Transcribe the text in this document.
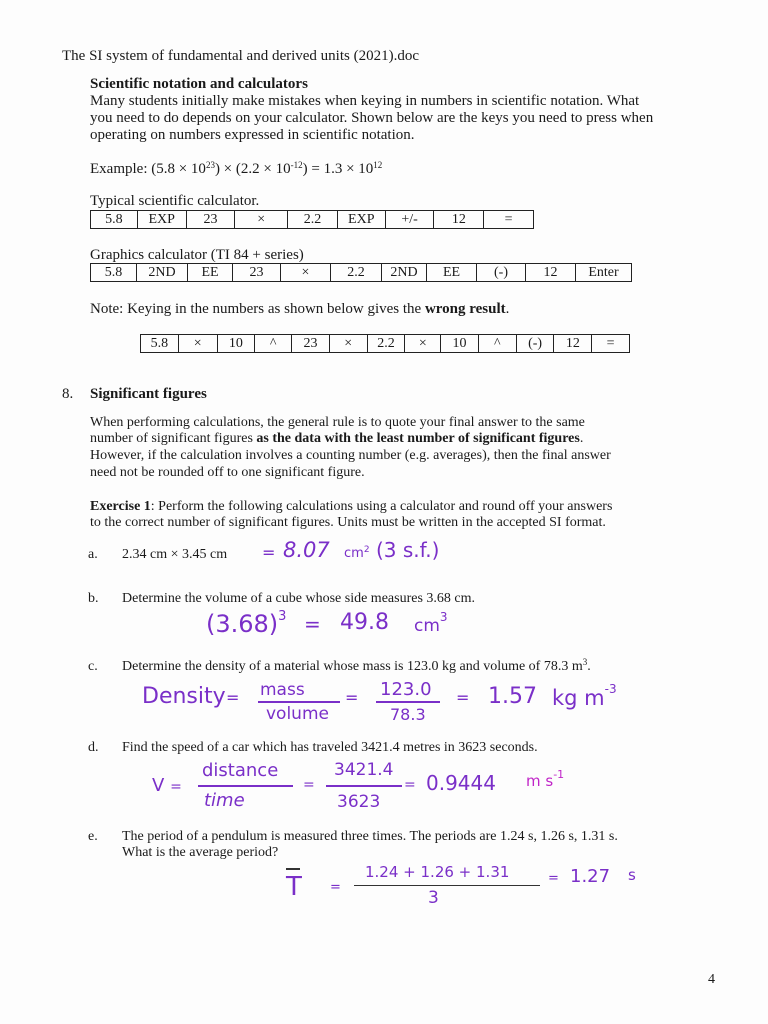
The SI system of fundamental and derived units (2021).doc
Scientific notation and calculators
Many students initially make mistakes when keying in numbers in scientific notation. What
you need to do depends on your calculator. Shown below are the keys you need to press when
operating on numbers expressed in scientific notation.
Example: $(5.8 \times 10^{23}) \times (2.2 \times 10^{-12}) = 1.3 \times 10^{12}$
Typical scientific calculator.
5.8	EXP	23	×	2.2	EXP	+/-	12	=
Graphics calculator (TI 84 + series)
5.8	2ND	EE	23	×	2.2	2ND	EE	(-)	12	Enter
Note: Keying in the numbers as shown below gives the wrong result.
5.8	×	10	^	23	×	2.2	×	10	^	(-)	12	=
8. Significant figures
When performing calculations, the general rule is to quote your final answer to the same
number of significant figures as the data with the least number of significant figures.
However, if the calculation involves a counting number (e.g. averages), then the final answer
need not be rounded off to one significant figure.
Exercise 1: Perform the following calculations using a calculator and round off your answers
to the correct number of significant figures. Units must be written in the accepted SI format.
a. 2.34 cm × 3.45 cm = 8.07 $cm^2$ (3 s.f.)
b. Determine the volume of a cube whose side measures 3.68 cm.
$(3.68)^3 = 49.8$ $cm^3$
c. Determine the density of a material whose mass is 123.0 kg and volume of 78.3 $m^3$.
Density = mass
volume
= 123.0
78.3
= 1.57 kg $m^{-3}$
d. Find the speed of a car which has traveled 3421.4 metres in 3623 seconds.
V =
distance
time
=
3421.4
3623
= 0.9444 m $s^{-1}$
e. The period of a pendulum is measured three times. The periods are 1.24 s, 1.26 s, 1.31 s.
What is the average period?
T =
1.24 + 1.26 + 1.31
3
= 1.27 s
4
